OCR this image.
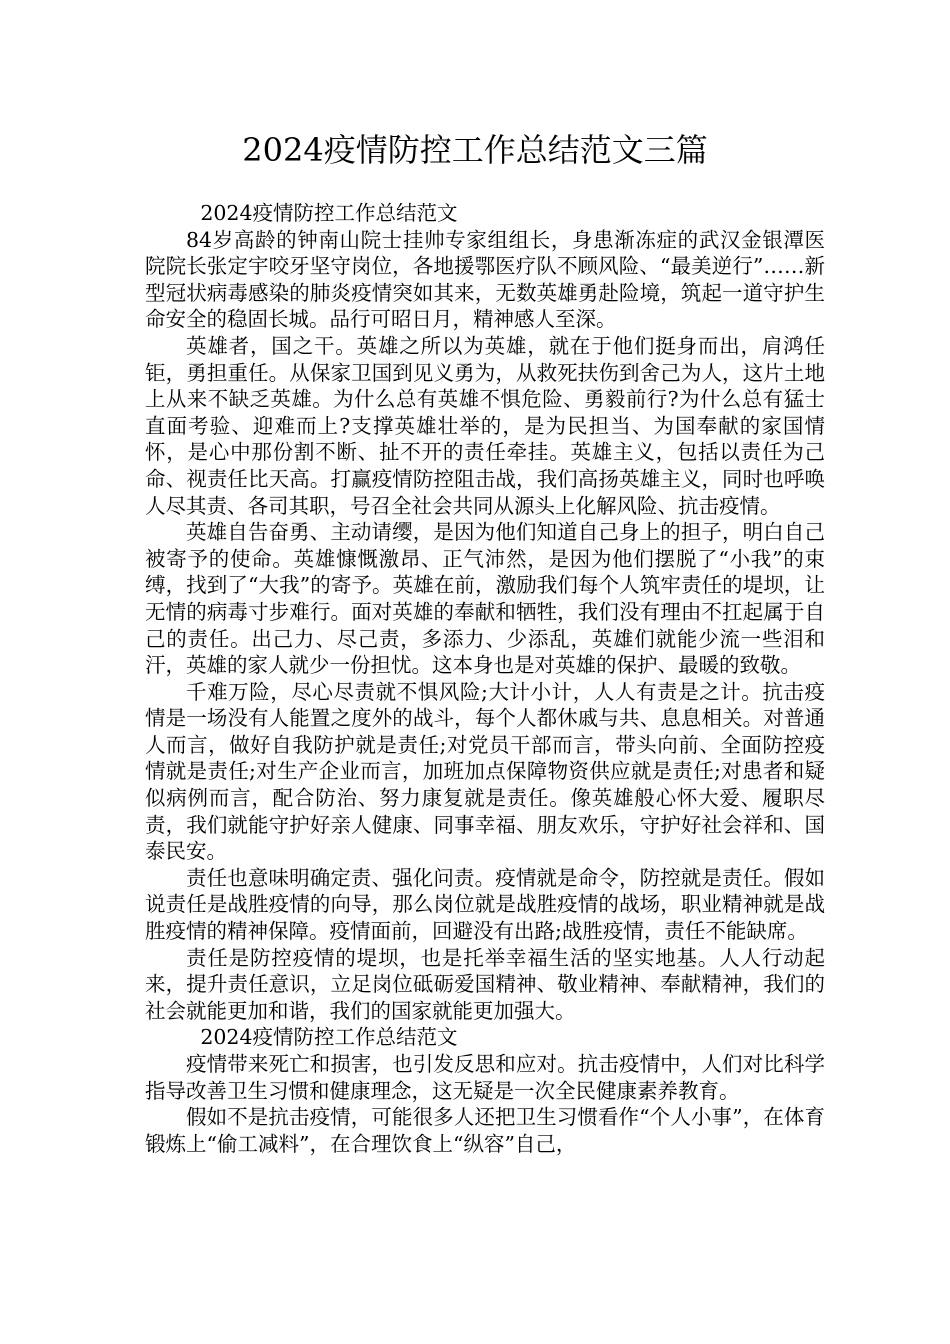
2024疫情防控工作总结范文三篇

2024疫情防控工作总结范文

84岁高龄的钟南山院士挂帅专家组组长，身患渐冻症的武汉金银潭医院院长张定宇咬牙坚守岗位，各地援鄂医疗队不顾风险、“最美逆行”……新型冠状病毒感染的肺炎疫情突如其来，无数英雄勇赴险境，筑起一道守护生命安全的稳固长城。品行可昭日月，精神感人至深。

英雄者，国之干。英雄之所以为英雄，就在于他们挺身而出，肩鸿任钜，勇担重任。从保家卫国到见义勇为，从救死扶伤到舍己为人，这片土地上从来不缺乏英雄。为什么总有英雄不惧危险、勇毅前行?为什么总有猛士直面考验、迎难而上?支撑英雄壮举的，是为民担当、为国奉献的家国情怀，是心中那份割不断、扯不开的责任牵挂。英雄主义，包括以责任为己命、视责任比天高。打赢疫情防控阻击战，我们高扬英雄主义，同时也呼唤人尽其责、各司其职，号召全社会共同从源头上化解风险、抗击疫情。

英雄自告奋勇、主动请缨，是因为他们知道自己身上的担子，明白自己被寄予的使命。英雄慷慨激昂、正气沛然，是因为他们摆脱了“小我”的束缚，找到了“大我”的寄予。英雄在前，激励我们每个人筑牢责任的堤坝，让无情的病毒寸步难行。面对英雄的奉献和牺牲，我们没有理由不扛起属于自己的责任。出己力、尽己责，多添力、少添乱，英雄们就能少流一些泪和汗，英雄的家人就少一份担忧。这本身也是对英雄的保护、最暖的致敬。

千难万险，尽心尽责就不惧风险;大计小计，人人有责是之计。抗击疫情是一场没有人能置之度外的战斗，每个人都休戚与共、息息相关。对普通人而言，做好自我防护就是责任;对党员干部而言，带头向前、全面防控疫情就是责任;对生产企业而言，加班加点保障物资供应就是责任;对患者和疑似病例而言，配合防治、努力康复就是责任。像英雄般心怀大爱、履职尽责，我们就能守护好亲人健康、同事幸福、朋友欢乐，守护好社会祥和、国泰民安。

责任也意味明确定责、强化问责。疫情就是命令，防控就是责任。假如说责任是战胜疫情的向导，那么岗位就是战胜疫情的战场，职业精神就是战胜疫情的精神保障。疫情面前，回避没有出路;战胜疫情，责任不能缺席。

责任是防控疫情的堤坝，也是托举幸福生活的坚实地基。人人行动起来，提升责任意识，立足岗位砥砺爱国精神、敬业精神、奉献精神，我们的社会就能更加和谐，我们的国家就能更加强大。

2024疫情防控工作总结范文

疫情带来死亡和损害，也引发反思和应对。抗击疫情中，人们对比科学指导改善卫生习惯和健康理念，这无疑是一次全民健康素养教育。

假如不是抗击疫情，可能很多人还把卫生习惯看作“个人小事”，在体育锻炼上“偷工减料”，在合理饮食上“纵容”自己，
